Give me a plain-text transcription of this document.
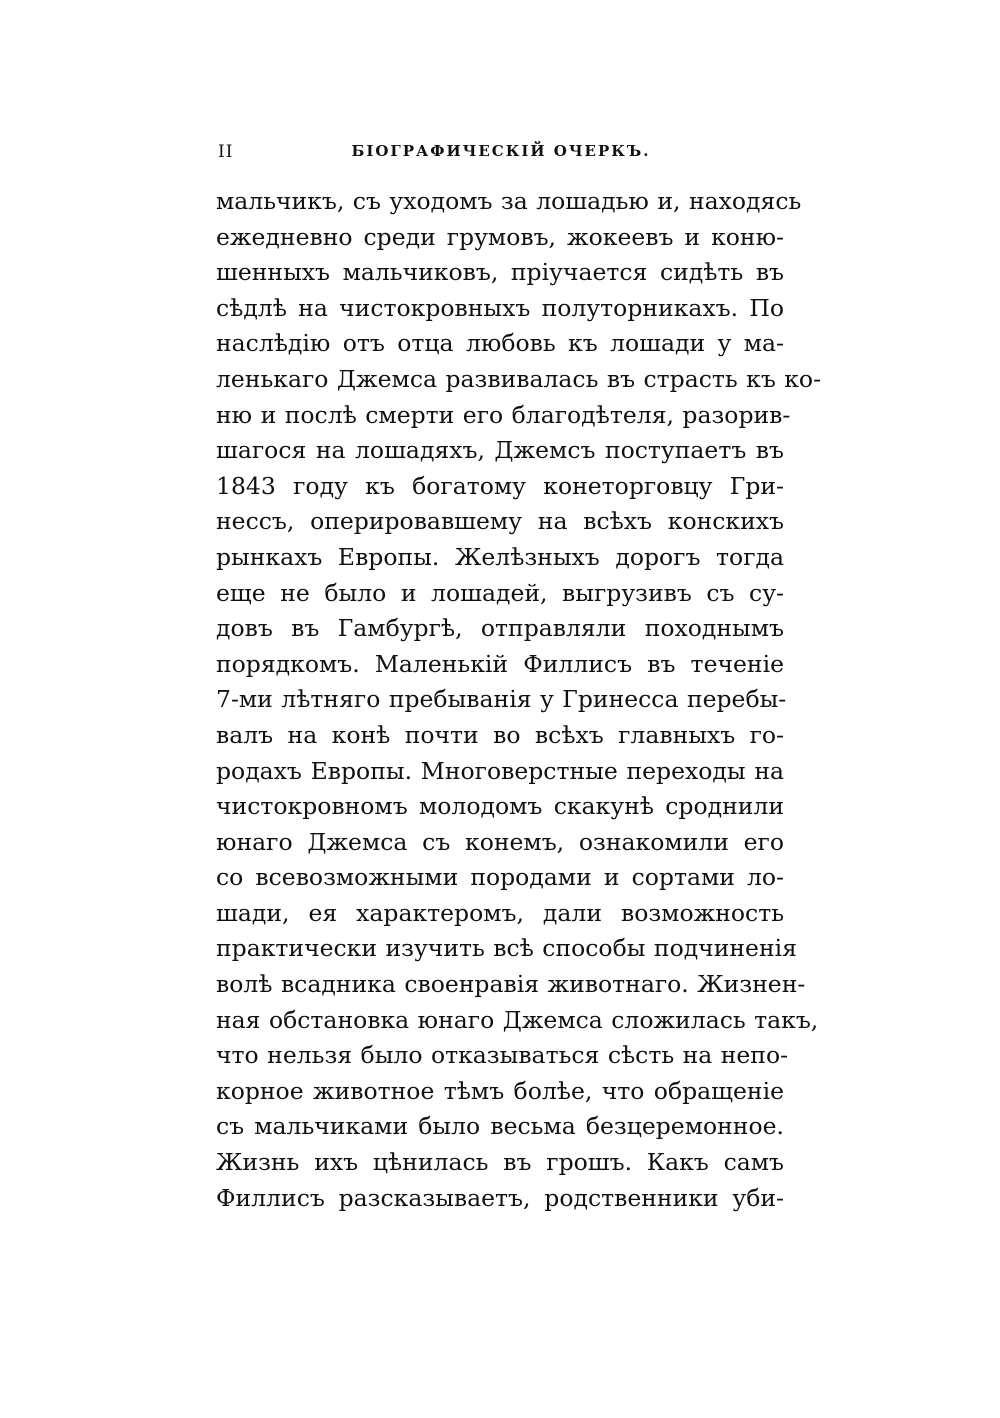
II	БІОГРАФИЧЕСКІЙ ОЧЕРКЪ.
мальчикъ, съ уходомъ за лошадью и, находясь
ежедневно среди грумовъ, жокеевъ и коню-
шенныхъ мальчиковъ, пріучается сидѣть въ
сѣдлѣ на чистокровныхъ полуторникахъ. По
наслѣдію отъ отца любовь къ лошади у ма-
ленькаго Джемса развивалась въ страсть къ ко-
ню и послѣ смерти его благодѣтеля, разорив-
шагося на лошадяхъ, Джемсъ поступаетъ въ
1843 году къ богатому конеторговцу Гри-
нессъ, оперировавшему на всѣхъ конскихъ
рынкахъ Европы. Желѣзныхъ дорогъ тогда
еще не было и лошадей, выгрузивъ съ су-
довъ въ Гамбургѣ, отправляли походнымъ
порядкомъ. Маленькій Филлисъ въ теченіе
7-ми лѣтняго пребыванія у Гринесса перебы-
валъ на конѣ почти во всѣхъ главныхъ го-
родахъ Европы. Многоверстные переходы на
чистокровномъ молодомъ скакунѣ сроднили
юнаго Джемса съ конемъ, ознакомили его
со всевозможными породами и сортами ло-
шади, ея характеромъ, дали возможность
практически изучить всѣ способы подчиненія
волѣ всадника своенравія животнаго. Жизнен-
ная обстановка юнаго Джемса сложилась такъ,
что нельзя было отказываться сѣсть на непо-
корное животное тѣмъ болѣе, что обращеніе
съ мальчиками было весьма безцеремонное.
Жизнь ихъ цѣнилась въ грошъ. Какъ самъ
Филлисъ разсказываетъ, родственники уби-
